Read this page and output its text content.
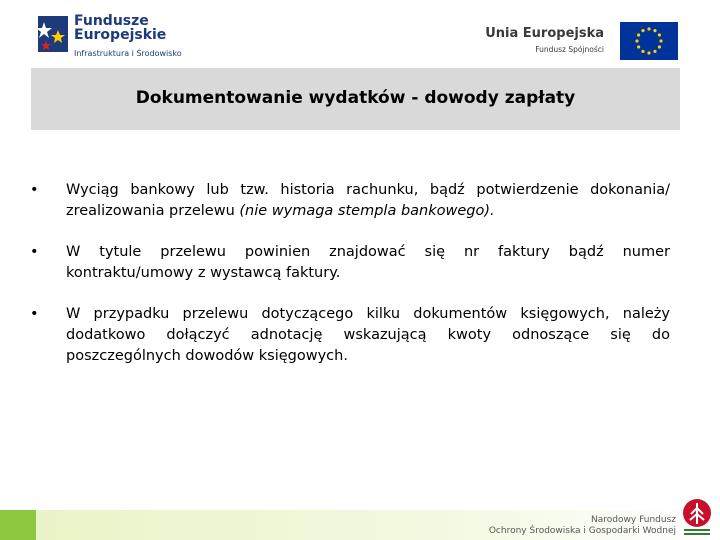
Fundusze
Europejskie
Infrastruktura i Środowisko
Unia Europejska
Fundusz Spójności
Dokumentowanie wydatków - dowody zapłaty
• Wyciąg bankowy lub tzw. historia rachunku, bądź potwierdzenie dokonania/ zrealizowania przelewu (nie wymaga stempla bankowego).
• W tytule przelewu powinien znajdować się nr faktury bądź numer kontraktu/umowy z wystawcą faktury.
• W przypadku przelewu dotyczącego kilku dokumentów księgowych, należy dodatkowo dołączyć adnotację wskazującą kwoty odnoszące się do poszczególnych dowodów księgowych.
Narodowy Fundusz
Ochrony Środowiska i Gospodarki Wodnej
